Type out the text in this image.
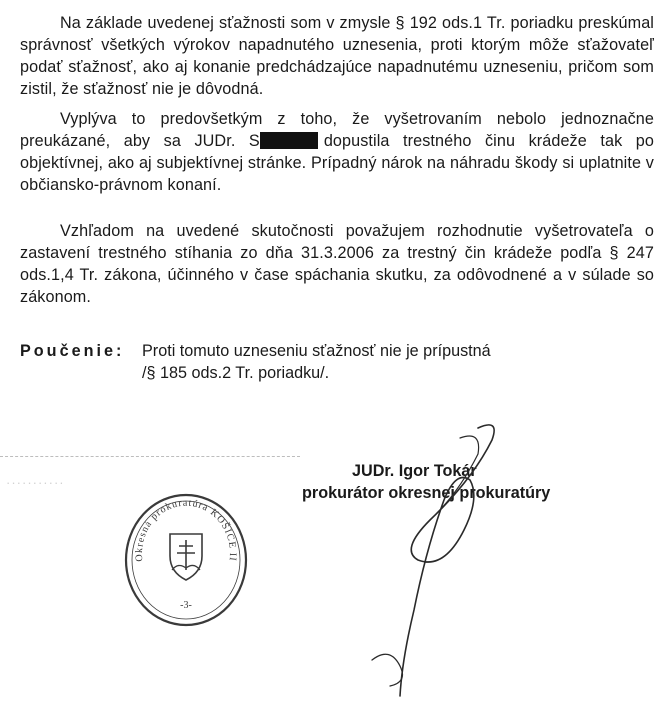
Na základe uvedenej sťažnosti som v zmysle § 192 ods.1 Tr. poriadku preskúmal správnosť všetkých výrokov napadnutého uznesenia, proti ktorým môže sťažovateľ podať sťažnosť, ako aj konanie predchádzajúce napadnutému uzneseniu, pričom som zistil, že sťažnosť nie je dôvodná.

Vyplýva to predovšetkým z toho, že vyšetrovaním nebolo jednoznačne preukázané, aby sa JUDr. S	dopustila trestného činu krádeže tak po objektívnej, ako aj subjektívnej stránke. Prípadný nárok na náhradu škody si uplatnite v občiansko-právnom konaní.

Vzhľadom na uvedené skutočnosti považujem rozhodnutie vyšetrovateľa o zastavení trestného stíhania zo dňa 31.3.2006 za trestný čin krádeže podľa § 247 ods.1,4 Tr. zákona, účinného v čase spáchania skutku, za odôvodnené a v súlade so zákonom.

Poučenie: Proti tomuto uzneseniu sťažnosť nie je prípustná
/§ 185 ods.2 Tr. poriadku/.
···········
Okresná prokuratúra KOŠICE II
-3-
JUDr. Igor Tokár
prokurátor okresnej prokuratúry
